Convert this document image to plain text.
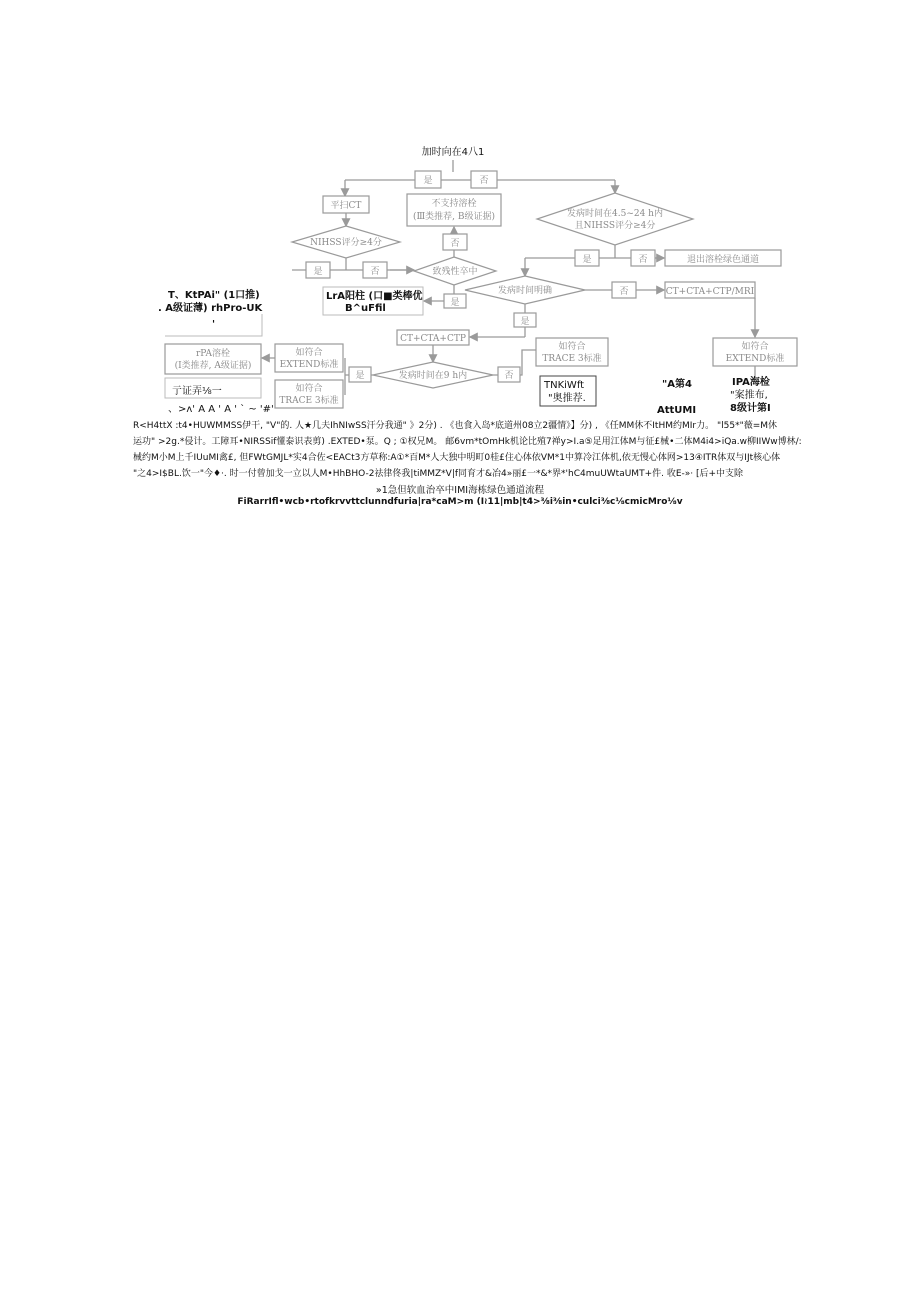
加时向在4八1
是	否
平扫CT	不支持溶栓
(Ⅲ类推荐, B级证据)	发病时间在4.5~24 h内
且NIHSS评分≥4分
NIHSS评分≥4分	否
是	否	致残性卒中
是	否	退出溶栓绿色通道
发病时间明确	否	CT+CTA+CTP/MRI
是
LrA阳柱 (口■类棒优
B^uFfil
是
CT+CTA+CTP
如符合
EXTEND标准
如符合
TRACE 3标准
发病时间在9 h内
是	否
如符合
EXTEND标准
rPA溶栓
(Ⅰ类推荐, A级证据)
如符合
TRACE 3标准
T、KtPAi" (1口推)
. A级证薄) rhPro-UK
'
亍证弄⅛一
、>ʌ' A A ' A ' ` ~ '#'
TNKiWft
"奥推荐.
"A第4
AttUMI
IPA海检
"案推布,
8级计第I
R<H4ttX :t4•HUWMMSS伊干, "V"的. 人★几夫IhNIwSS汗分我通" 》2分) . 《也食入岛*底道州08立2疆情》】分) , 《任MM休不ItHM约MIr力。 "l55*"薇=M休
运功" >2g.*侵计。工障耳•NIRSSif懂泰识表剪) .EXTED•泵。Q ; ①权兄M。 邮6vm*tOmHk机论比殖7禅y>I.a⑤足用江体M与征£械•二体M4i4>iQa.w柳IIWw博林/:
械约M小M上千IUuMI禽£, 但FWtGMJL*实4合佐<EACt3方草称:A①*百M*人大独中明町0桂£住心体依VM*1中算冷江体机,依无慢心体网>13④ITR体双与IJt核心体
"之4>I$BL.饮一"今♦·. 时一付曾加戈一立以人M•HhBHO-2祛律佟我|tiMMZ*V|f同育才&冶4»丽£一*&*界*'hC4muUWtaUMT+件. 收E-»· [后+中支除
»1急但软血治卒中IMI海栋绿色通道流程
FiRarrIfl•wcb•rtofkrvvttclunndfuria|ra*caM>m (I≀11|mb|t4>⅜i⅜in•culci⅜c⅛cmicMro⅛v
